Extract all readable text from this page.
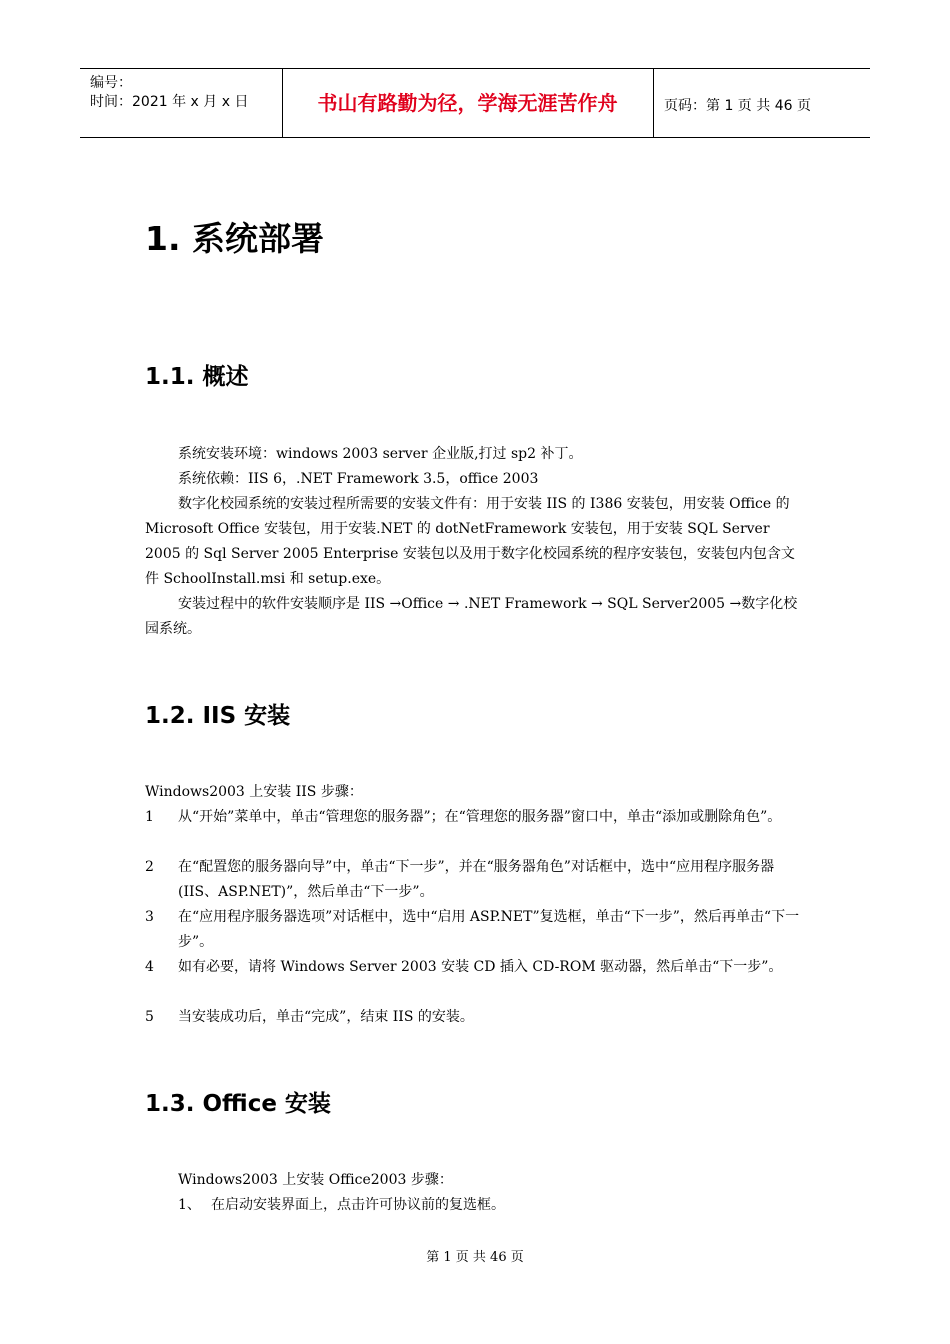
编号：
时间：2021 年 x 月 x 日	书山有路勤为径，学海无涯苦作舟	页码：第 1 页 共 46 页
1. 系统部署
1.1. 概述

系统安装环境：windows 2003 server 企业版,打过 sp2 补丁。

系统依赖：IIS 6，.NET Framework 3.5，office 2003

数字化校园系统的安装过程所需要的安装文件有：用于安装 IIS 的 I386 安装包，用安装 Office 的 Microsoft Office 安装包，用于安装.NET 的 dotNetFramework 安装包，用于安装 SQL Server 2005 的 Sql Server 2005 Enterprise 安装包以及用于数字化校园系统的程序安装包，安装包内包含文件 SchoolInstall.msi 和 setup.exe。

安装过程中的软件安装顺序是 IIS →Office → .NET Framework → SQL Server2005 →数字化校园系统。

1.2. IIS 安装

Windows2003 上安装 IIS 步骤：

1 从“开始”菜单中，单击“管理您的服务器”；在“管理您的服务器”窗口中，单击“添加或删除角色”。
2 在“配置您的服务器向导”中，单击“下一步”，并在“服务器角色”对话框中，选中“应用程序服务器 (IIS、ASP.NET)”，然后单击“下一步”。
3 在“应用程序服务器选项”对话框中，选中“启用 ASP.NET”复选框，单击“下一步”，然后再单击“下一步”。
4 如有必要，请将 Windows Server 2003 安装 CD 插入 CD-ROM 驱动器，然后单击“下一步”。
5 当安装成功后，单击“完成”，结束 IIS 的安装。
1.3. Office 安装

Windows2003 上安装 Office2003 步骤：

1、 在启动安装界面上，点击许可协议前的复选框。
第 1 页 共 46 页
